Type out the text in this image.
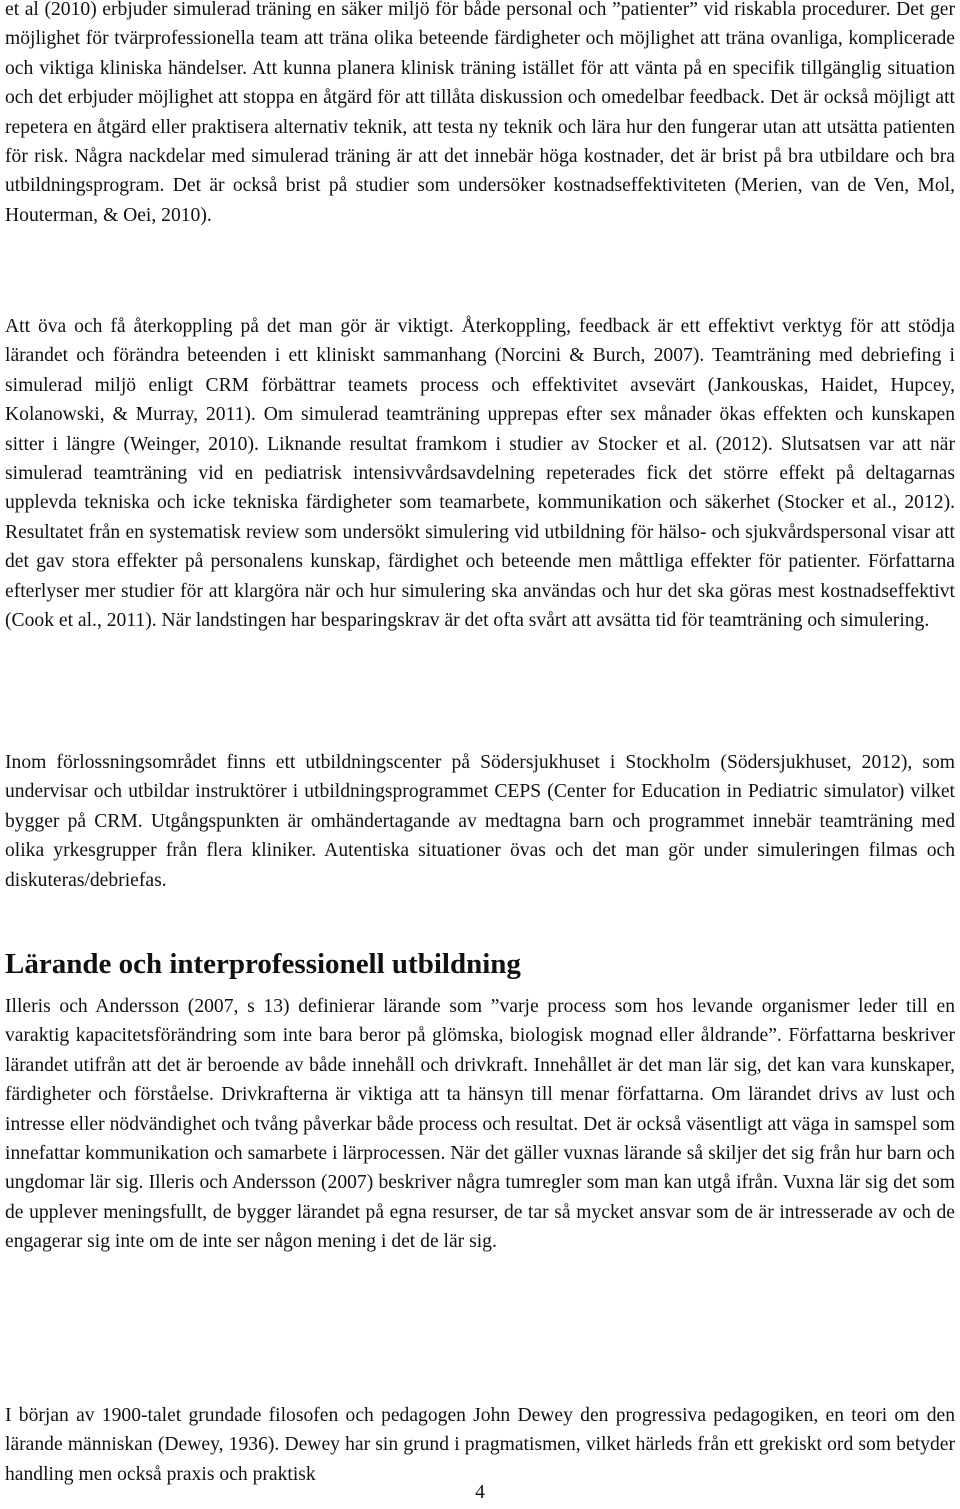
et al (2010) erbjuder simulerad träning en säker miljö för både personal och ”patienter” vid riskabla procedurer. Det ger möjlighet för tvärprofessionella team att träna olika beteende färdigheter och möjlighet att träna ovanliga, komplicerade och viktiga kliniska händelser. Att kunna planera klinisk träning istället för att vänta på en specifik tillgänglig situation och det erbjuder möjlighet att stoppa en åtgärd för att tillåta diskussion och omedelbar feedback. Det är också möjligt att repetera en åtgärd eller praktisera alternativ teknik, att testa ny teknik och lära hur den fungerar utan att utsätta patienten för risk. Några nackdelar med simulerad träning är att det innebär höga kostnader, det är brist på bra utbildare och bra utbildningsprogram. Det är också brist på studier som undersöker kostnadseffektiviteten (Merien, van de Ven, Mol, Houterman, & Oei, 2010).

Att öva och få återkoppling på det man gör är viktigt. Återkoppling, feedback är ett effektivt verktyg för att stödja lärandet och förändra beteenden i ett kliniskt sammanhang (Norcini & Burch, 2007). Teamträning med debriefing i simulerad miljö enligt CRM förbättrar teamets process och effektivitet avsevärt (Jankouskas, Haidet, Hupcey, Kolanowski, & Murray, 2011). Om simulerad teamträning upprepas efter sex månader ökas effekten och kunskapen sitter i längre (Weinger, 2010). Liknande resultat framkom i studier av Stocker et al. (2012). Slutsatsen var att när simulerad teamträning vid en pediatrisk intensivvårdsavdelning repeterades fick det större effekt på deltagarnas upplevda tekniska och icke tekniska färdigheter som teamarbete, kommunikation och säkerhet (Stocker et al., 2012). Resultatet från en systematisk review som undersökt simulering vid utbildning för hälso- och sjukvårdspersonal visar att det gav stora effekter på personalens kunskap, färdighet och beteende men måttliga effekter för patienter. Författarna efterlyser mer studier för att klargöra när och hur simulering ska användas och hur det ska göras mest kostnadseffektivt (Cook et al., 2011). När landstingen har besparingskrav är det ofta svårt att avsätta tid för teamträning och simulering.

Inom förlossningsområdet finns ett utbildningscenter på Södersjukhuset i Stockholm (Södersjukhuset, 2012), som undervisar och utbildar instruktörer i utbildningsprogrammet CEPS (Center for Education in Pediatric simulator) vilket bygger på CRM. Utgångspunkten är omhändertagande av medtagna barn och programmet innebär teamträning med olika yrkesgrupper från flera kliniker. Autentiska situationer övas och det man gör under simuleringen filmas och diskuteras/debriefas.

Lärande och interprofessionell utbildning

Illeris och Andersson (2007, s 13) definierar lärande som ”varje process som hos levande organismer leder till en varaktig kapacitetsförändring som inte bara beror på glömska, biologisk mognad eller åldrande”. Författarna beskriver lärandet utifrån att det är beroende av både innehåll och drivkraft. Innehållet är det man lär sig, det kan vara kunskaper, färdigheter och förståelse. Drivkrafterna är viktiga att ta hänsyn till menar författarna. Om lärandet drivs av lust och intresse eller nödvändighet och tvång påverkar både process och resultat. Det är också väsentligt att väga in samspel som innefattar kommunikation och samarbete i lärprocessen. När det gäller vuxnas lärande så skiljer det sig från hur barn och ungdomar lär sig. Illeris och Andersson (2007) beskriver några tumregler som man kan utgå ifrån. Vuxna lär sig det som de upplever meningsfullt, de bygger lärandet på egna resurser, de tar så mycket ansvar som de är intresserade av och de engagerar sig inte om de inte ser någon mening i det de lär sig.

I början av 1900-talet grundade filosofen och pedagogen John Dewey den progressiva pedagogiken, en teori om den lärande människan (Dewey, 1936). Dewey har sin grund i pragmatismen, vilket härleds från ett grekiskt ord som betyder handling men också praxis och praktisk

4
